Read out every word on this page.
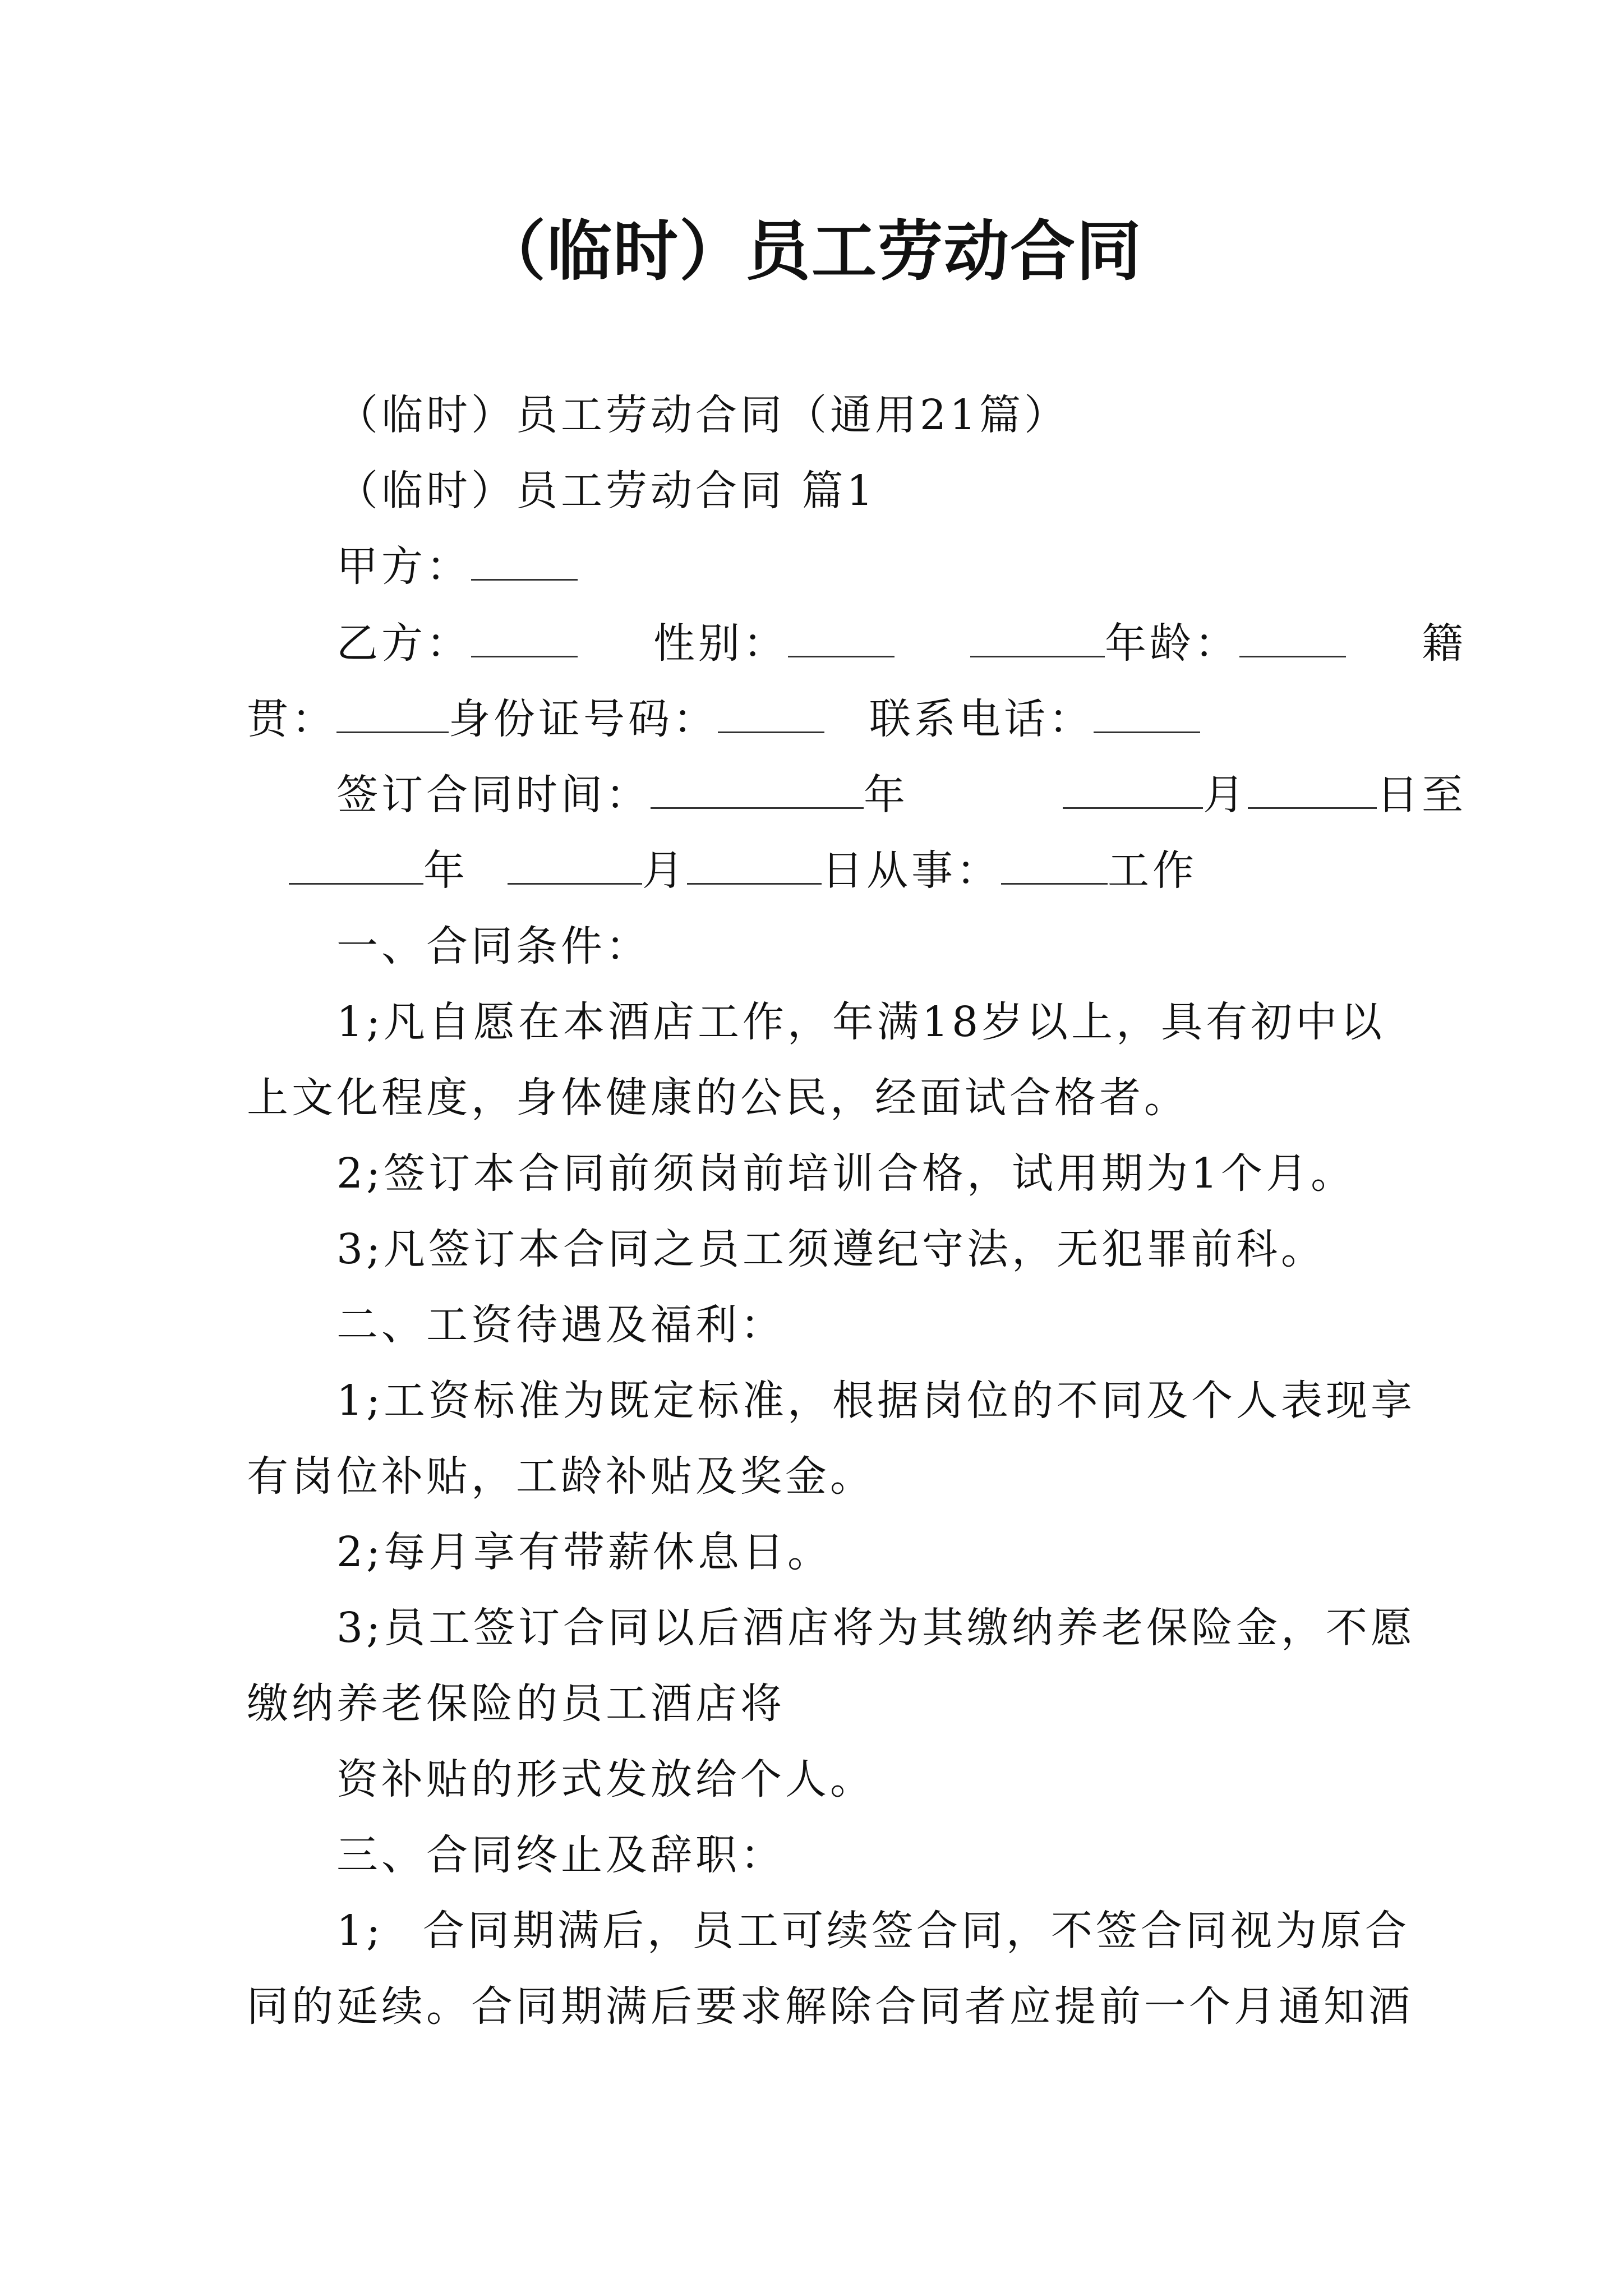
（临时）员工劳动合同
（临时）员工劳动合同（通用21篇）
（临时）员工劳动合同 篇1
甲方：
乙方：	性别：	年龄：	籍
贯：	身份证号码：	联系电话：
签订合同时间：	年	月	日至
年	月	日从事：	工作
一、合同条件：
1;凡自愿在本酒店工作，年满18岁以上，具有初中以
上文化程度，身体健康的公民，经面试合格者。
2;签订本合同前须岗前培训合格，试用期为1个月。
3;凡签订本合同之员工须遵纪守法，无犯罪前科。
二、工资待遇及福利：
1;工资标准为既定标准，根据岗位的不同及个人表现享
有岗位补贴，工龄补贴及奖金。
2;每月享有带薪休息日。
3;员工签订合同以后酒店将为其缴纳养老保险金，不愿
缴纳养老保险的员工酒店将
资补贴的形式发放给个人。
三、合同终止及辞职：
1; 合同期满后，员工可续签合同，不签合同视为原合
同的延续。合同期满后要求解除合同者应提前一个月通知酒
